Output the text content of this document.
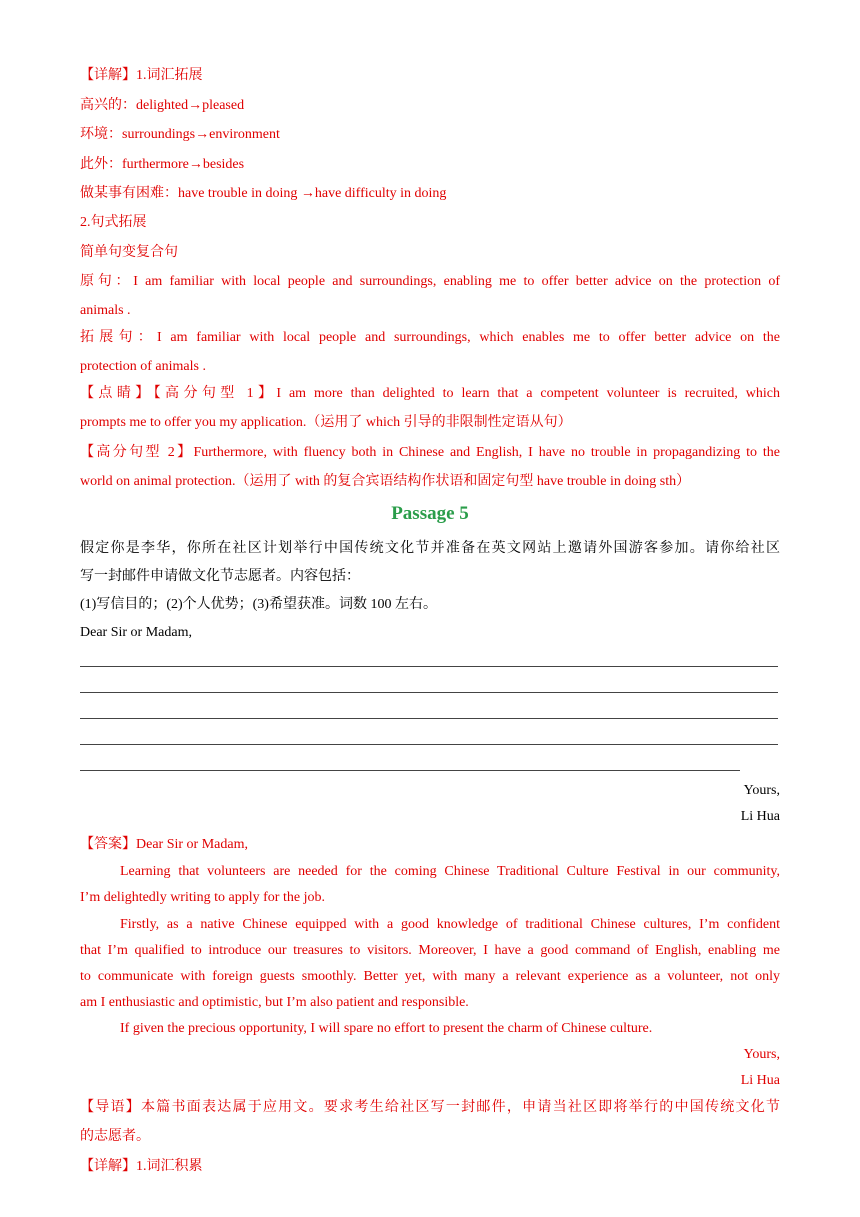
【详解】1.词汇拓展
高兴的：delighted→pleased
环境：surroundings→environment
此外：furthermore→besides
做某事有困难：have trouble in doing →have difficulty in doing
2.句式拓展
简单句变复合句
原句：I am familiar with local people and surroundings, enabling me to offer better advice on the protection of
animals .
拓展句：I am familiar with local people and surroundings, which enables me to offer better advice on the
protection of animals .
【点睛】【高分句型 1】I am more than delighted to learn that a competent volunteer is recruited, which
prompts me to offer you my application.（运用了 which 引导的非限制性定语从句）
【高分句型 2】Furthermore, with fluency both in Chinese and English, I have no trouble in propagandizing to the
world on animal protection.（运用了 with 的复合宾语结构作状语和固定句型 have trouble in doing sth）
Passage 5
假定你是李华，你所在社区计划举行中国传统文化节并准备在英文网站上邀请外国游客参加。请你给社区
写一封邮件申请做文化节志愿者。内容包括：
(1)写信目的；(2)个人优势；(3)希望获准。词数 100 左右。
Dear Sir or Madam,
Yours,
Li Hua
【答案】Dear Sir or Madam,
Learning that volunteers are needed for the coming Chinese Traditional Culture Festival in our community,
I’m delightedly writing to apply for the job.
Firstly, as a native Chinese equipped with a good knowledge of traditional Chinese cultures, I’m confident
that I’m qualified to introduce our treasures to visitors. Moreover, I have a good command of English, enabling me
to communicate with foreign guests smoothly. Better yet, with many a relevant experience as a volunteer, not only
am I enthusiastic and optimistic, but I’m also patient and responsible.
If given the precious opportunity, I will spare no effort to present the charm of Chinese culture.
Yours,
Li Hua
【导语】本篇书面表达属于应用文。要求考生给社区写一封邮件，申请当社区即将举行的中国传统文化节
的志愿者。
【详解】1.词汇积累
